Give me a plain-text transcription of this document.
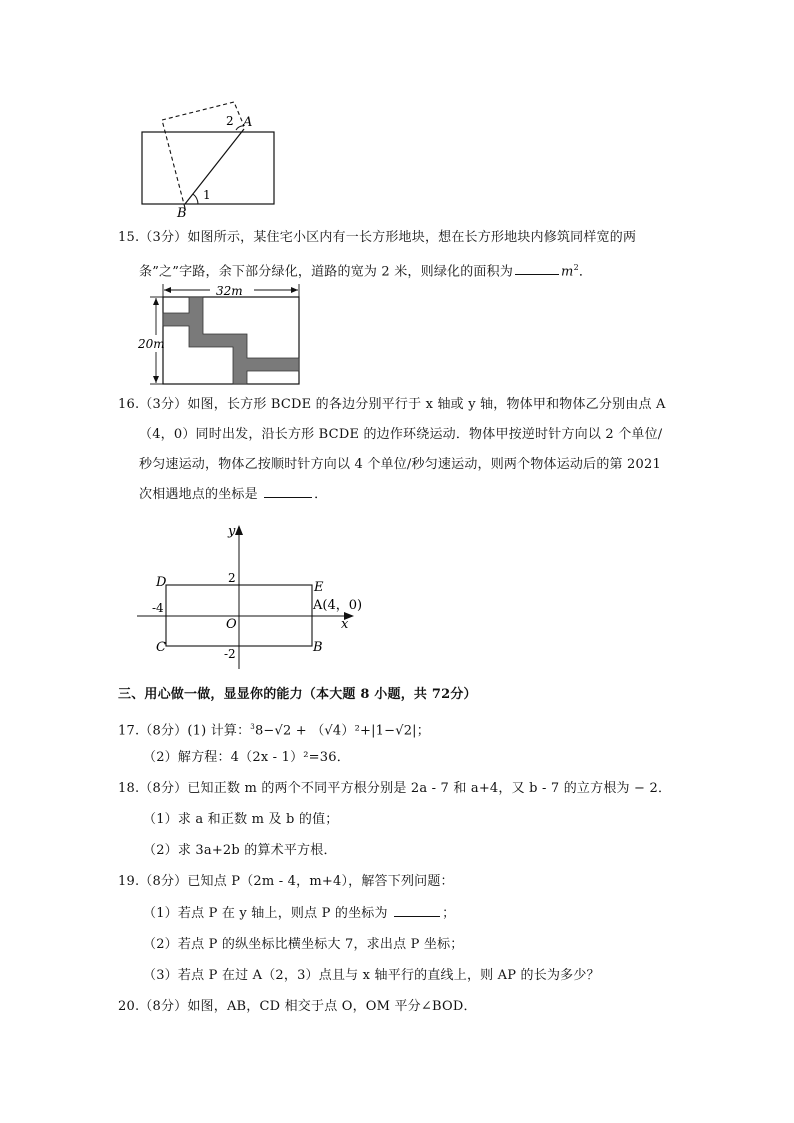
A
2
1
B
15.（3分）如图所示，某住宅小区内有一长方形地块，想在长方形地块内修筑同样宽的两
条”之”字路，余下部分绿化，道路的宽为 2 米，则绿化的面积为	$m^2$．
32m
20m
16.（3分）如图，长方形 BCDE 的各边分别平行于 x 轴或 y 轴，物体甲和物体乙分别由点 A
（4，0）同时出发，沿长方形 BCDE 的边作环绕运动．物体甲按逆时针方向以 2 个单位/
秒匀速运动，物体乙按顺时针方向以 4 个单位/秒匀速运动，则两个物体运动后的第 2021
次相遇地点的坐标是	．
y
x
O
D	E
C	B
A(4，0)
2
-2
-4
三、用心做一做，显显你的能力（本大题 8 小题，共 72分）
17.（8分）(1) 计算：$^3$8−√2 + （√4）²+|1−√2|；
（2）解方程：4（2x - 1）²=36．
18.（8分）已知正数 m 的两个不同平方根分别是 2a - 7 和 a+4，又 b - 7 的立方根为 − 2．
（1）求 a 和正数 m 及 b 的值；
（2）求 3a+2b 的算术平方根．
19.（8分）已知点 P（2m - 4，m+4），解答下列问题：
（1）若点 P 在 y 轴上，则点 P 的坐标为	；
（2）若点 P 的纵坐标比横坐标大 7，求出点 P 坐标；
（3）若点 P 在过 A（2，3）点且与 x 轴平行的直线上，则 AP 的长为多少？
20.（8分）如图，AB，CD 相交于点 O，OM 平分∠BOD．
